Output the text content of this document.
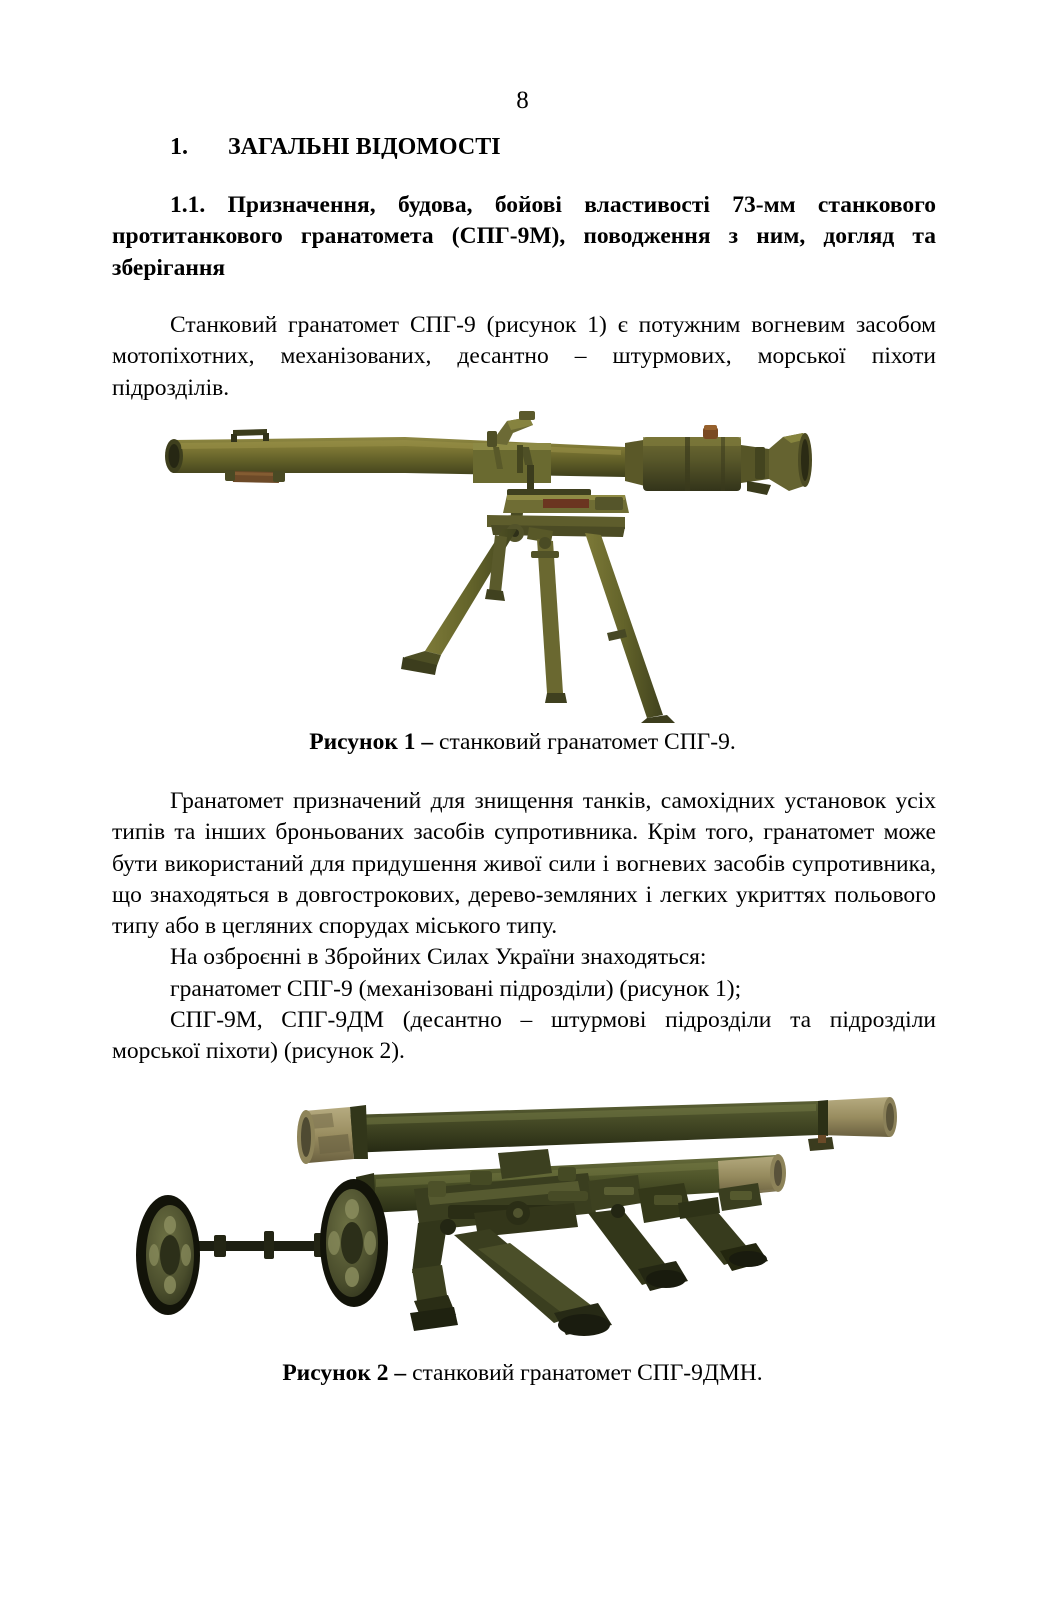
8
1.	ЗАГАЛЬНІ ВІДОМОСТІ
1.1. Призначення, будова, бойові властивості 73-мм станкового протитанкового гранатомета (СПГ-9М), поводження з ним, догляд та зберігання

Станковий гранатомет СПГ-9 (рисунок 1) є потужним вогневим засобом мотопіхотних, механізованих, десантно – штурмових, морської піхоти підрозділів.

Рисунок 1 – станковий гранатомет СПГ-9.

Гранатомет призначений для знищення танків, самохідних установок усіх типів та інших броньованих засобів супротивника. Крім того, гранатомет може бути використаний для придушення живої сили і вогневих засобів супротивника, що знаходяться в довгострокових, дерево-земляних і легких укриттях польового типу або в цегляних спорудах міського типу.

На озброєнні в Збройних Силах України знаходяться:

гранатомет СПГ-9 (механізовані підрозділи) (рисунок 1);

СПГ-9М, СПГ-9ДМ (десантно – штурмові підрозділи та підрозділи морської піхоти) (рисунок 2).

Рисунок 2 – станковий гранатомет СПГ-9ДМН.
